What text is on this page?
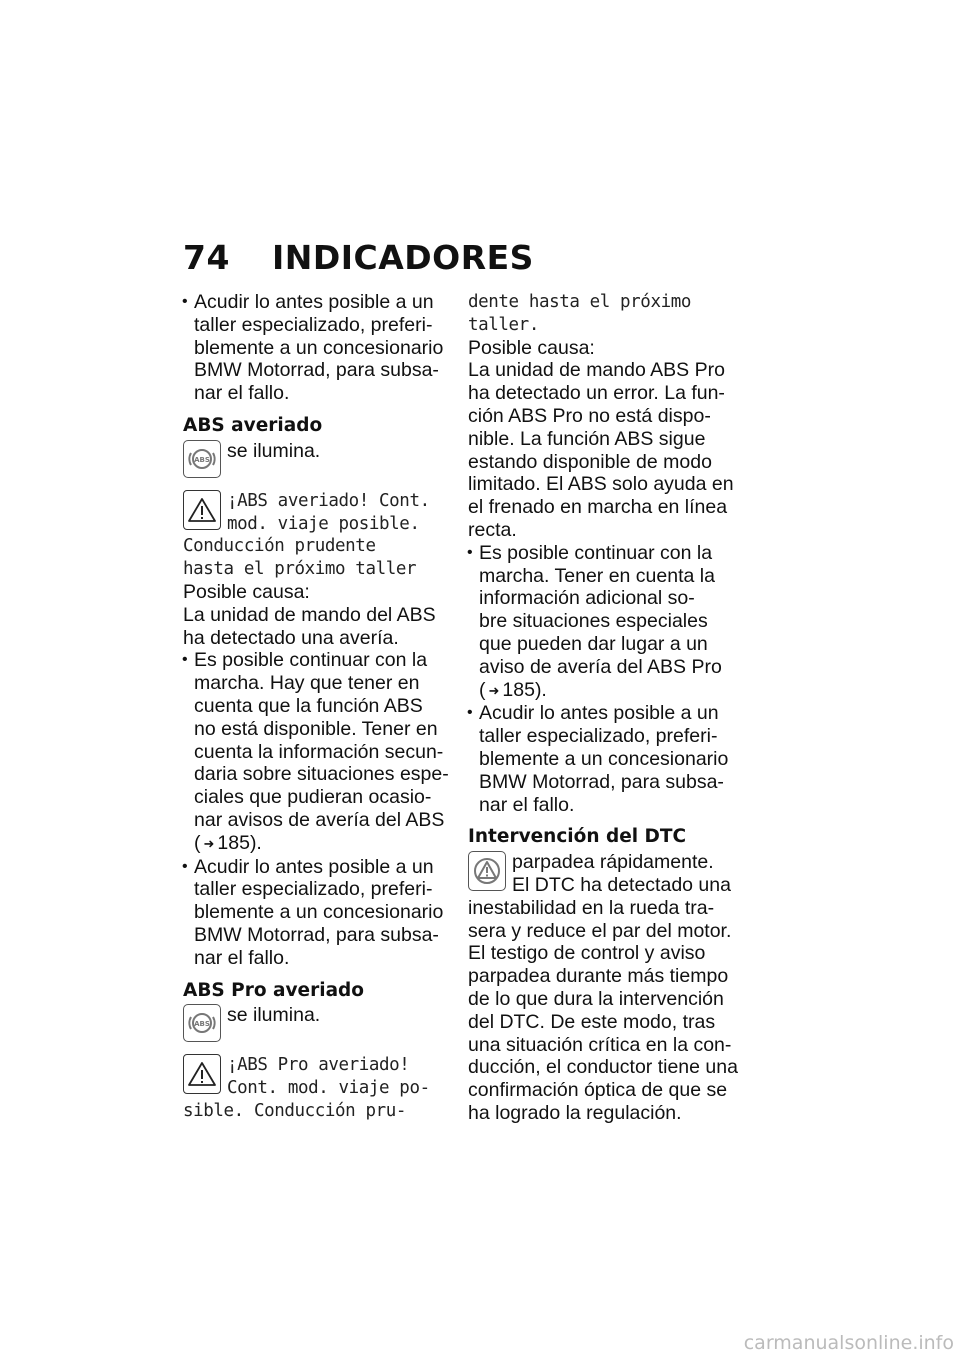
74 INDICADORES
• Acudir lo antes posible a un
taller especializado, preferi-
blemente a un concesionario
BMW Motorrad, para subsa-
nar el fallo.
ABS averiado
ABS se ilumina.
¡ABS averiado! Cont.
mod. viaje posible.
Conducción prudente
hasta el próximo taller
Posible causa:
La unidad de mando del ABS
ha detectado una avería.
• Es posible continuar con la
marcha. Hay que tener en
cuenta que la función ABS
no está disponible. Tener en
cuenta la información secun-
daria sobre situaciones espe-
ciales que pudieran ocasio-
nar avisos de avería del ABS
( ➜ 185).
• Acudir lo antes posible a un
taller especializado, preferi-
blemente a un concesionario
BMW Motorrad, para subsa-
nar el fallo.
ABS Pro averiado
ABS se ilumina.
¡ABS Pro averiado!
Cont. mod. viaje po-
sible. Conducción pru-
dente hasta el próximo
taller.
Posible causa:
La unidad de mando ABS Pro
ha detectado un error. La fun-
ción ABS Pro no está dispo-
nible. La función ABS sigue
estando disponible de modo
limitado. El ABS solo ayuda en
el frenado en marcha en línea
recta.
• Es posible continuar con la
marcha. Tener en cuenta la
información adicional so-
bre situaciones especiales
que pueden dar lugar a un
aviso de avería del ABS Pro
( ➜ 185).
• Acudir lo antes posible a un
taller especializado, preferi-
blemente a un concesionario
BMW Motorrad, para subsa-
nar el fallo.
Intervención del DTC
parpadea rápidamente.
El DTC ha detectado una
inestabilidad en la rueda tra-
sera y reduce el par del motor.
El testigo de control y aviso
parpadea durante más tiempo
de lo que dura la intervención
del DTC. De este modo, tras
una situación crítica en la con-
ducción, el conductor tiene una
confirmación óptica de que se
ha logrado la regulación.
carmanualsonline.info
